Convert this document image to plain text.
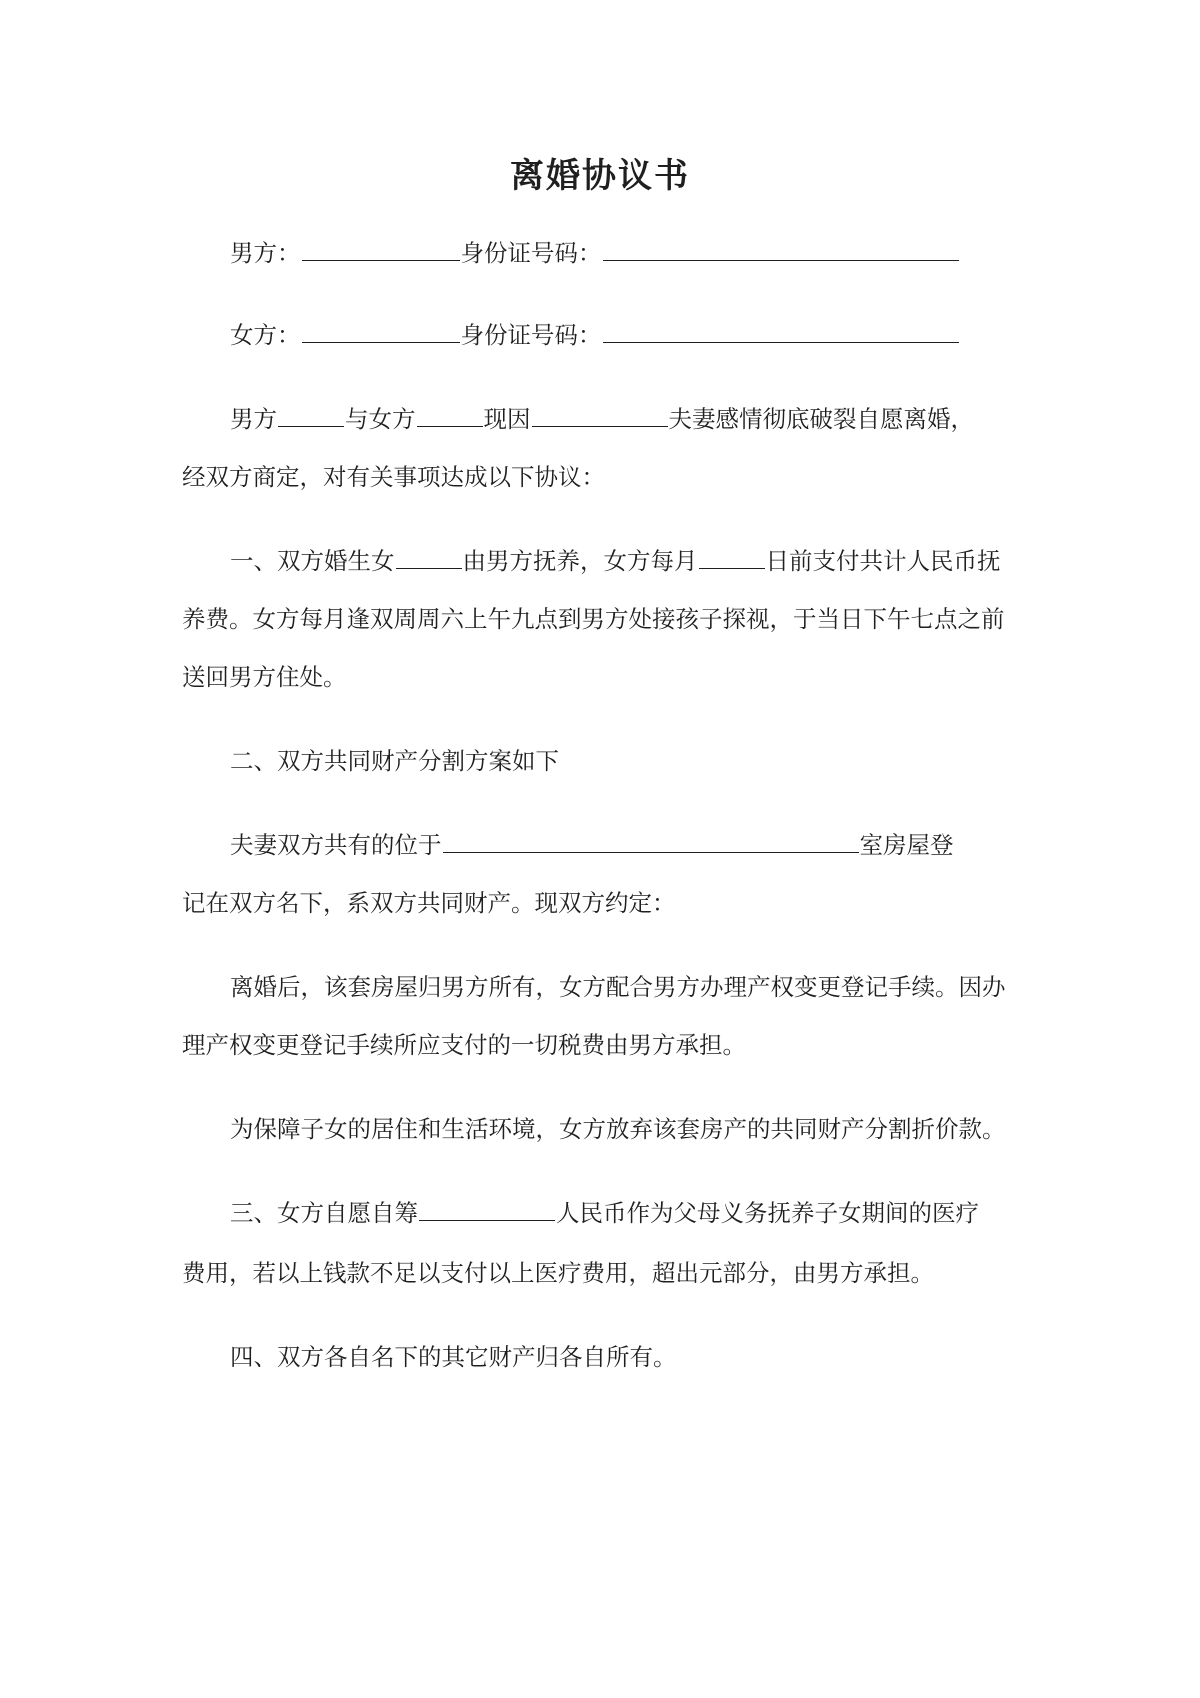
离婚协议书
男方：	身份证号码：
女方：	身份证号码：
男方	与女方	现因	夫妻感情彻底破裂自愿离婚，
经双方商定，对有关事项达成以下协议：
一、双方婚生女	由男方抚养，女方每月	日前支付共计人民币抚
养费。女方每月逢双周周六上午九点到男方处接孩子探视，于当日下午七点之前
送回男方住处。
二、双方共同财产分割方案如下
夫妻双方共有的位于	室房屋登
记在双方名下，系双方共同财产。现双方约定：
离婚后，该套房屋归男方所有，女方配合男方办理产权变更登记手续。因办
理产权变更登记手续所应支付的一切税费由男方承担。
为保障子女的居住和生活环境，女方放弃该套房产的共同财产分割折价款。
三、女方自愿自筹	人民币作为父母义务抚养子女期间的医疗
费用，若以上钱款不足以支付以上医疗费用，超出元部分，由男方承担。
四、双方各自名下的其它财产归各自所有。
